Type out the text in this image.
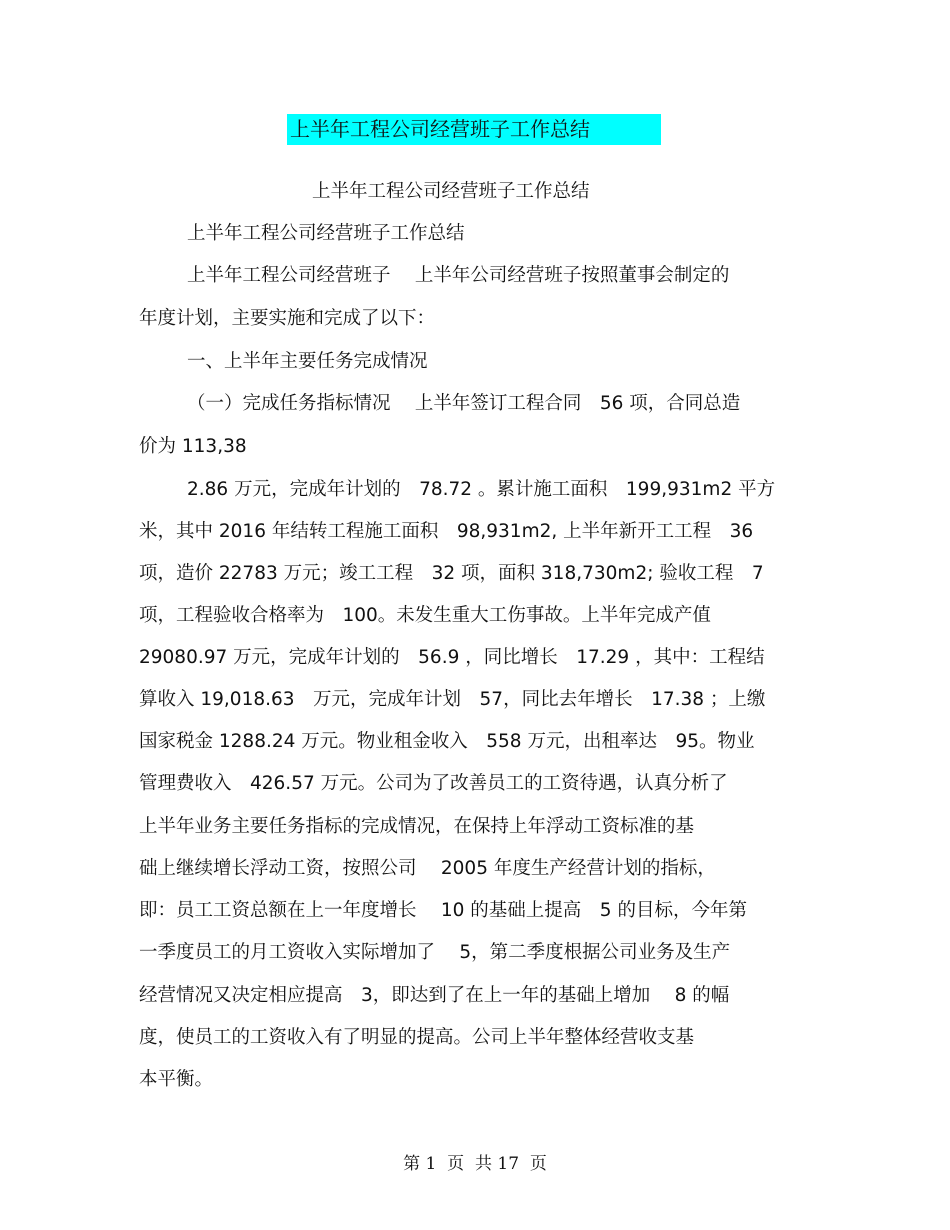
上半年工程公司经营班子工作总结
上半年工程公司经营班子工作总结
上半年工程公司经营班子工作总结
上半年工程公司经营班子　 上半年公司经营班子按照董事会制定的
年度计划，主要实施和完成了以下：
一、上半年主要任务完成情况
（一）完成任务指标情况　 上半年签订工程合同　56 项，合同总造
价为 113,38
2.86 万元，完成年计划的　78.72 。累计施工面积　199,931m2 平方
米，其中 2016 年结转工程施工面积　98,931m2, 上半年新开工工程　36
项，造价 22783 万元；竣工工程　32 项，面积 318,730m2; 验收工程　7
项，工程验收合格率为　100。未发生重大工伤事故。上半年完成产值
29080.97 万元，完成年计划的　56.9 ，同比增长　17.29 ，其中：工程结
算收入 19,018.63　万元，完成年计划　57，同比去年增长　17.38 ；上缴
国家税金 1288.24 万元。物业租金收入　558 万元，出租率达　95。物业
管理费收入　426.57 万元。公司为了改善员工的工资待遇，认真分析了
上半年业务主要任务指标的完成情况，在保持上年浮动工资标准的基
础上继续增长浮动工资，按照公司　 2005 年度生产经营计划的指标，
即：员工工资总额在上一年度增长　 10 的基础上提高　5 的目标，今年第
一季度员工的月工资收入实际增加了　 5，第二季度根据公司业务及生产
经营情况又决定相应提高　3，即达到了在上一年的基础上增加　 8 的幅
度，使员工的工资收入有了明显的提高。公司上半年整体经营收支基
本平衡。
第 1  页  共 17  页
